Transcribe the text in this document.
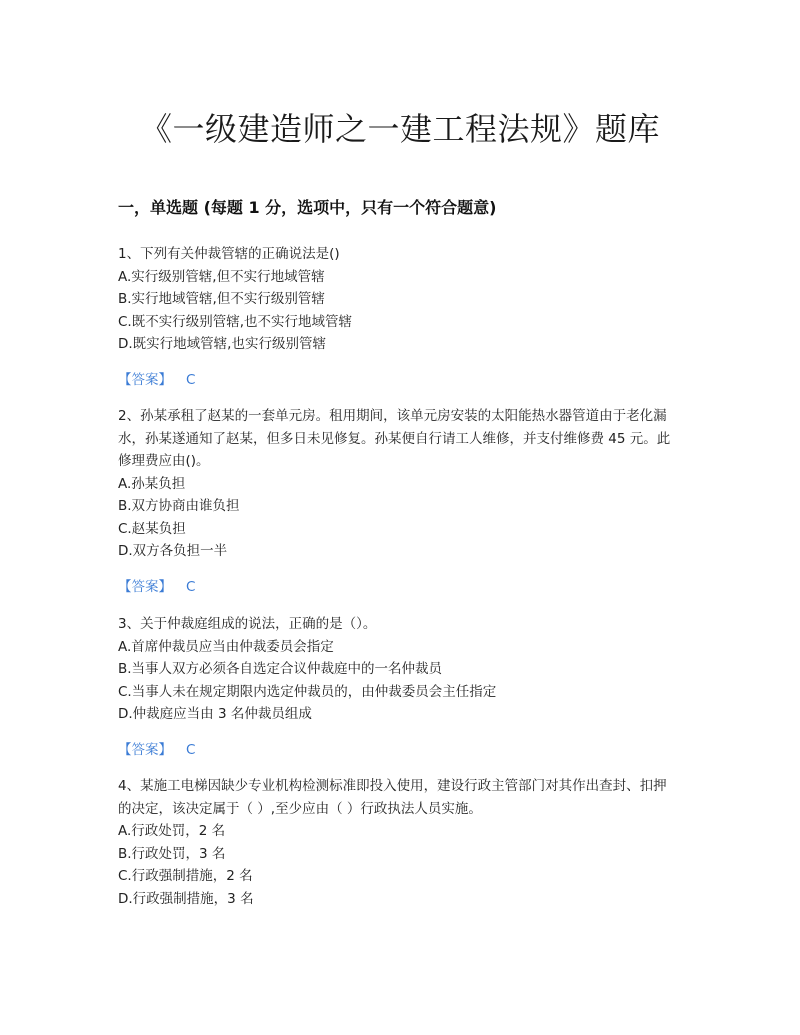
《一级建造师之一建工程法规》题库
一，单选题 (每题 1 分，选项中，只有一个符合题意)

1、下列有关仲裁管辖的正确说法是()

A.实行级别管辖,但不实行地域管辖

B.实行地域管辖,但不实行级别管辖

C.既不实行级别管辖,也不实行地域管辖

D.既实行地域管辖,也实行级别管辖

【答案】 C

2、孙某承租了赵某的一套单元房。租用期间，该单元房安装的太阳能热水器管道由于老化漏水，孙某遂通知了赵某，但多日未见修复。孙某便自行请工人维修，并支付维修费 45 元。此修理费应由()。

A.孙某负担

B.双方协商由谁负担

C.赵某负担

D.双方各负担一半

【答案】 C

3、关于仲裁庭组成的说法，正确的是（）。

A.首席仲裁员应当由仲裁委员会指定

B.当事人双方必须各自选定合议仲裁庭中的一名仲裁员

C.当事人未在规定期限内选定仲裁员的，由仲裁委员会主任指定

D.仲裁庭应当由 3 名仲裁员组成

【答案】 C

4、某施工电梯因缺少专业机构检测标准即投入使用，建设行政主管部门对其作出查封、扣押的决定，该决定属于（ ）,至少应由（ ）行政执法人员实施。

A.行政处罚，2 名

B.行政处罚，3 名

C.行政强制措施，2 名

D.行政强制措施，3 名
